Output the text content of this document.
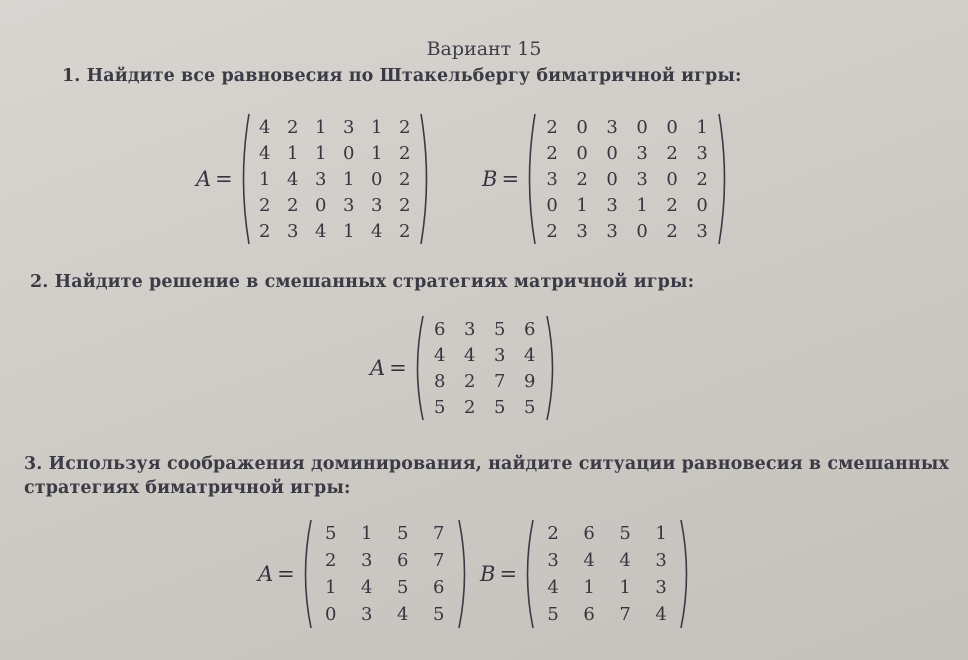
Вариант 15
1. Найдите все равновесия по Штакельбергу биматричной игры:
2. Найдите решение в смешанных стратегиях матричной игры:
3. Используя соображения доминирования, найдите ситуации равновесия в смешанных стратегиях биматричной игры:
A =
4	2	1	3	1	2
4	1	1	0	1	2
1	4	3	1	0	2
2	2	0	3	3	2
2	3	4	1	4	2
B =
2	0	3	0	0	1
2	0	0	3	2	3
3	2	0	3	0	2
0	1	3	1	2	0
2	3	3	0	2	3
A =
6	3	5	6
4	4	3	4
8	2	7	9
5	2	5	5
A =
5	1	5	7
2	3	6	7
1	4	5	6
0	3	4	5
B =
2	6	5	1
3	4	4	3
4	1	1	3
5	6	7	4
